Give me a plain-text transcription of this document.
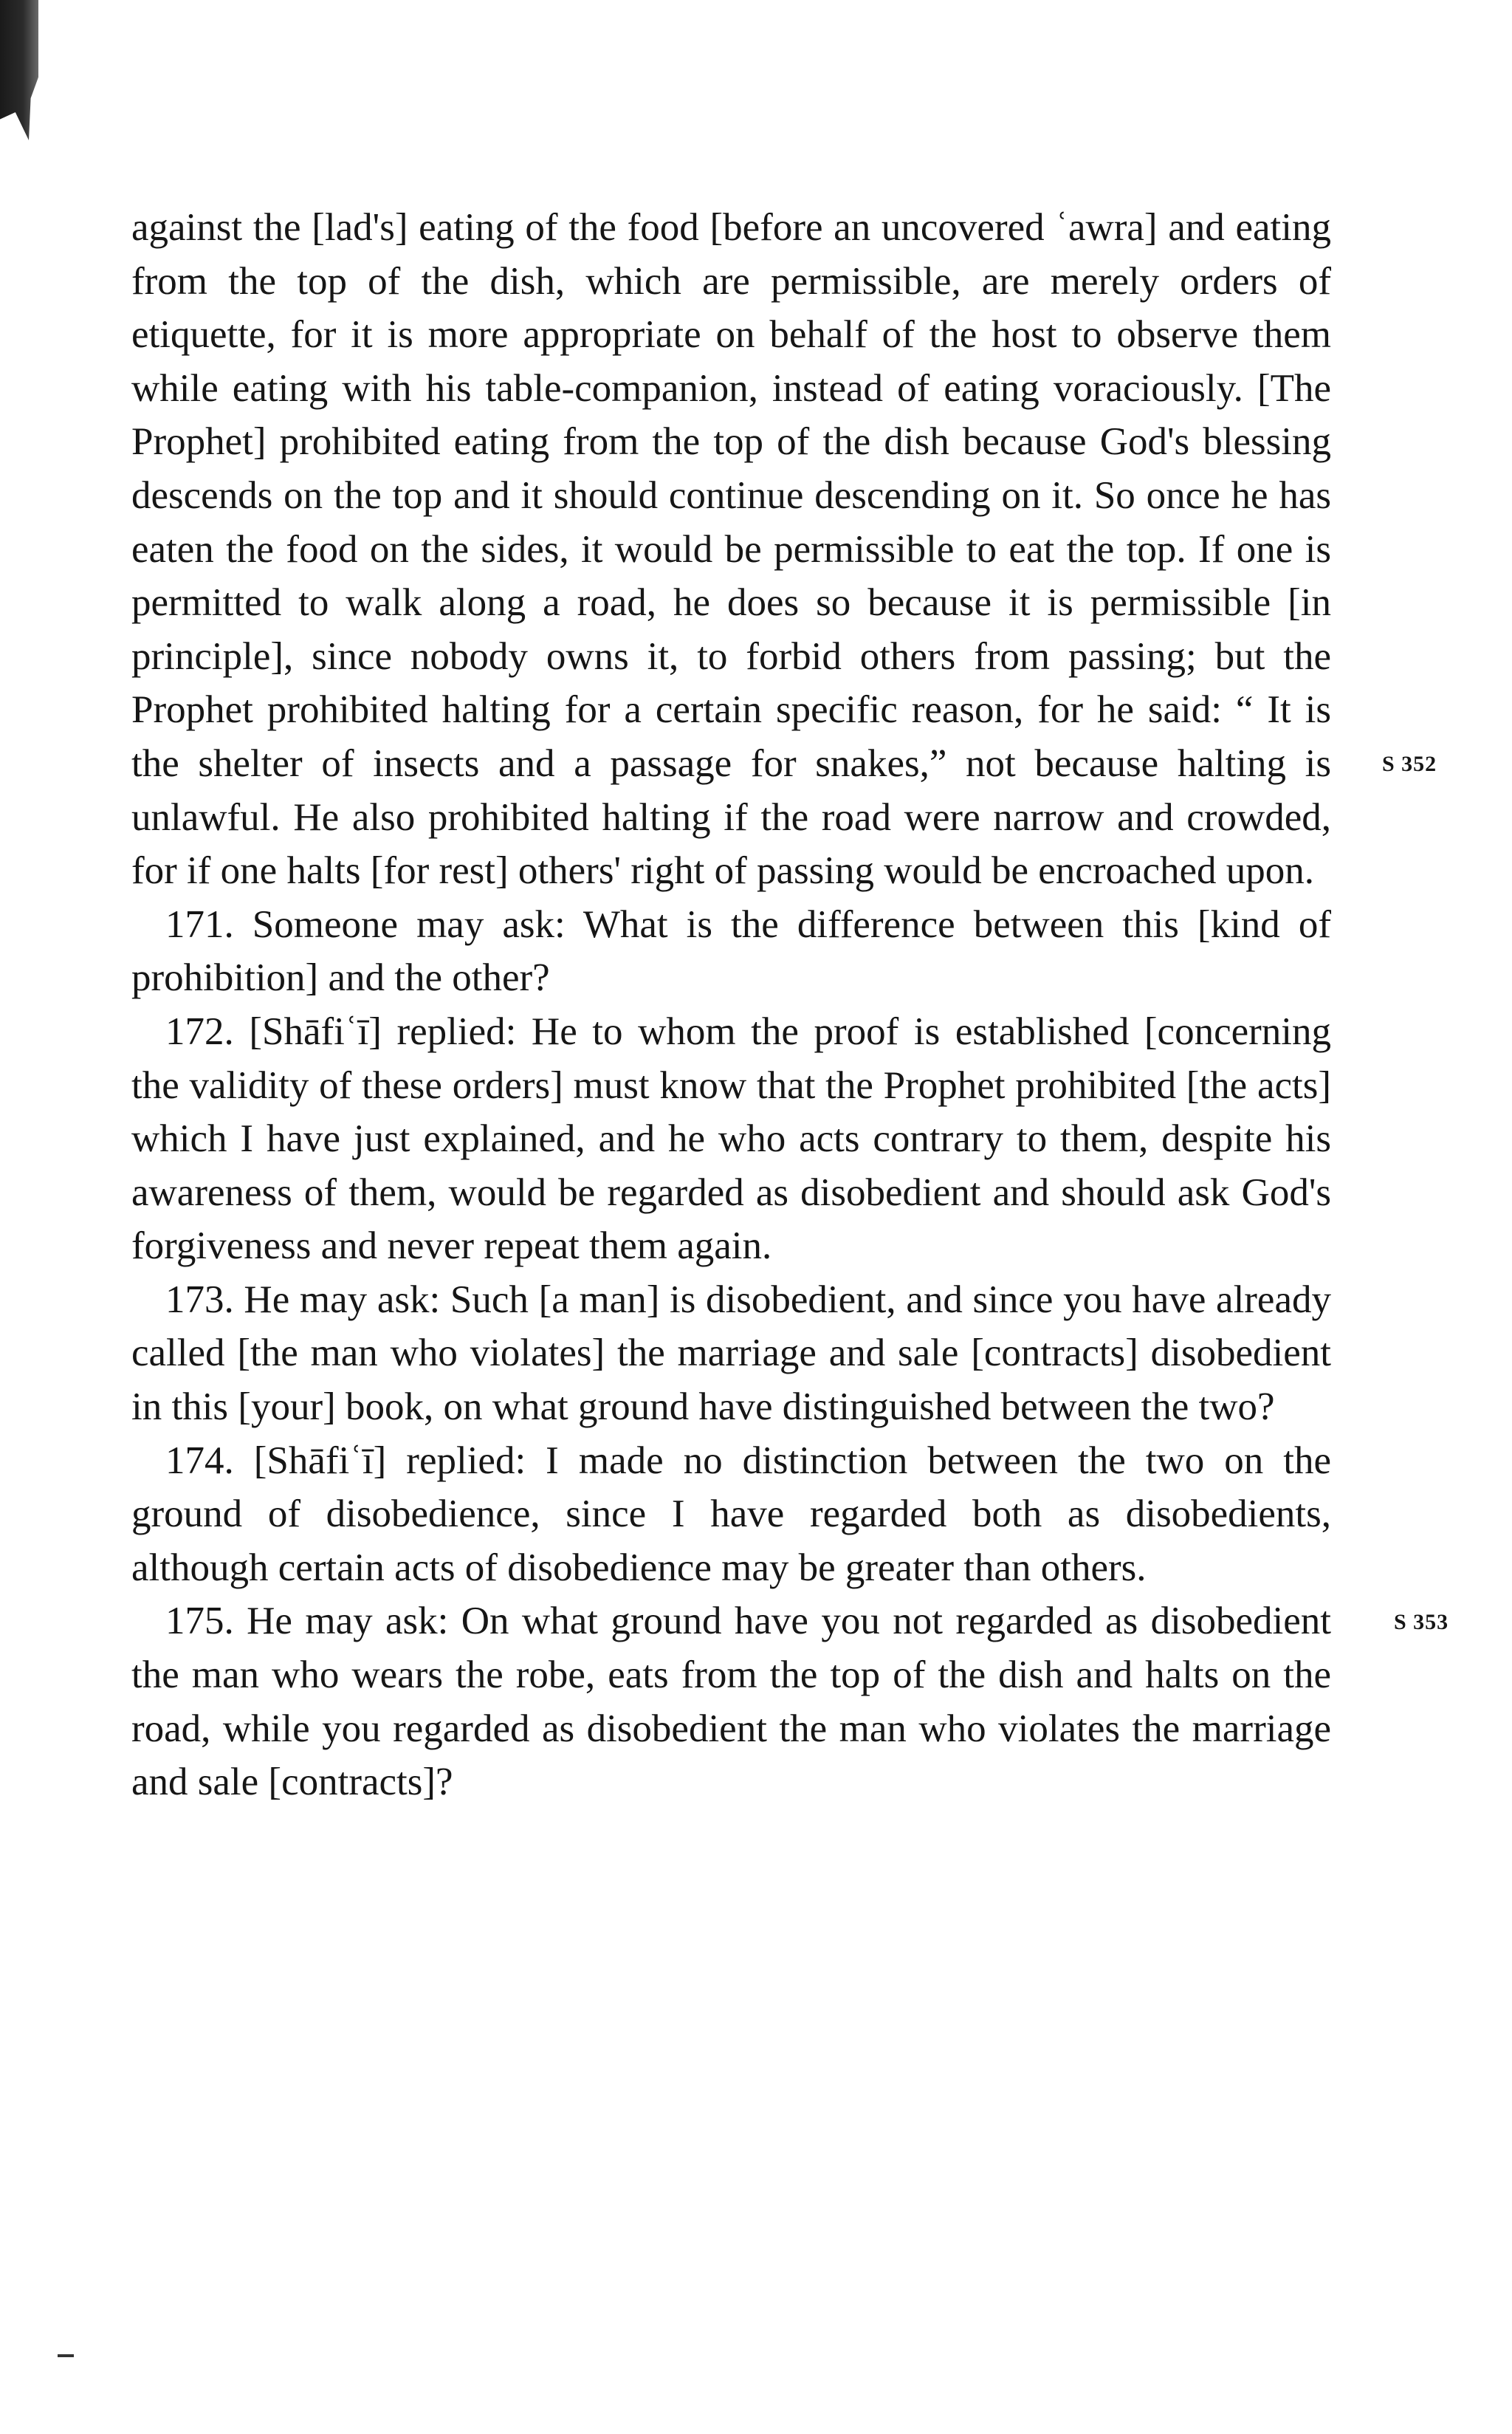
against the [lad's] eating of the food [before an uncovered ʿawra] and eating from the top of the dish, which are permissible, are merely orders of etiquette, for it is more appropriate on behalf of the host to observe them while eating with his table-companion, instead of eating voraciously. [The Prophet] prohibited eating from the top of the dish because God's blessing descends on the top and it should continue descending on it. So once he has eaten the food on the sides, it would be permissible to eat the top. If one is permitted to walk along a road, he does so because it is permissible [in principle], since nobody owns it, to forbid others from passing; but the Prophet prohibited halting for a certain specific reason, for he said: “ It is the shelter of insects and a passage for snakes,” not because halting is unlawful. He also prohibited halting if the road were narrow and crowded, for if one halts [for rest] others' right of passing would be encroached upon.

171. Someone may ask: What is the difference between this [kind of prohibition] and the other?

172. [Shāfiʿī] replied: He to whom the proof is established [concerning the validity of these orders] must know that the Prophet prohibited [the acts] which I have just explained, and he who acts contrary to them, despite his awareness of them, would be regarded as disobedient and should ask God's forgiveness and never repeat them again.

173. He may ask: Such [a man] is disobedient, and since you have already called [the man who violates] the marriage and sale [contracts] disobedient in this [your] book, on what ground have distinguished between the two?

174. [Shāfiʿī] replied: I made no distinction between the two on the ground of disobedience, since I have regarded both as disobedients, although certain acts of disobedience may be greater than others.

175. He may ask: On what ground have you not regarded as disobedient the man who wears the robe, eats from the top of the dish and halts on the road, while you regarded as disobedient the man who violates the marriage and sale [contracts]?

S 352
S 353
